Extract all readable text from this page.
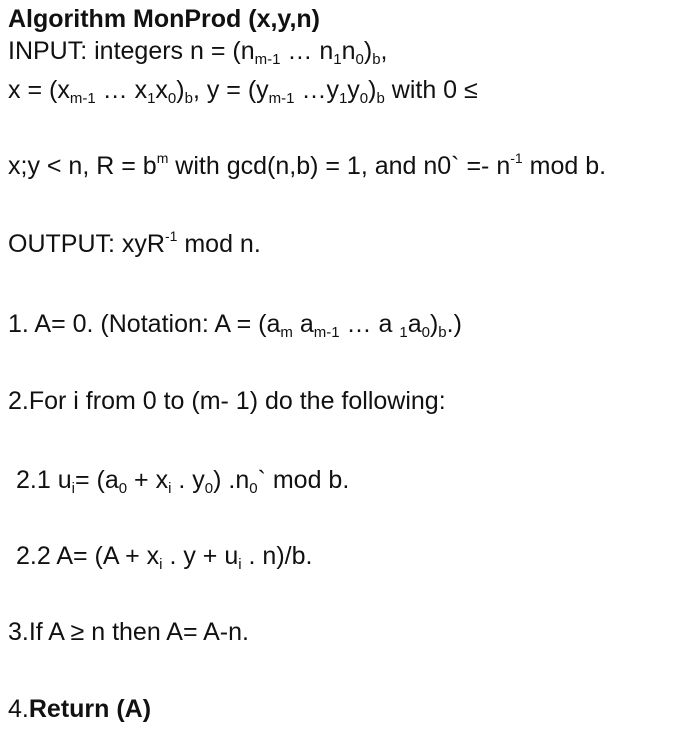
Algorithm MonProd (x,y,n)
INPUT: integers $n = (n_{m-1}$ … $n_1n_0)_b$,
$x = (x_{m-1}$ … $x_1x_0)_b$, $y = (y_{m-1}$ $\dots y_1y_0)_b$ with 0 ≤
x;y < n, $R = b^m$ with gcd(n,b) = 1, and n0` =- $n^{-1}$ mod b.
OUTPUT: xyR$^{-1}$ mod n.
1. A= 0. (Notation: $A = (a_m$ $a_{m-1}$ … a $_1a_0)_b$.)
2.For i from 0 to (m- 1) do the following:
2.1 $u_i= (a_0 + x_i$ . $y_0$) $.n_0`$ mod b.
2.2 $A= (A + x_i$ . $y + u_i$ . n)/b.
3.If A ≥ n then A= A-n.
4.Return (A)
